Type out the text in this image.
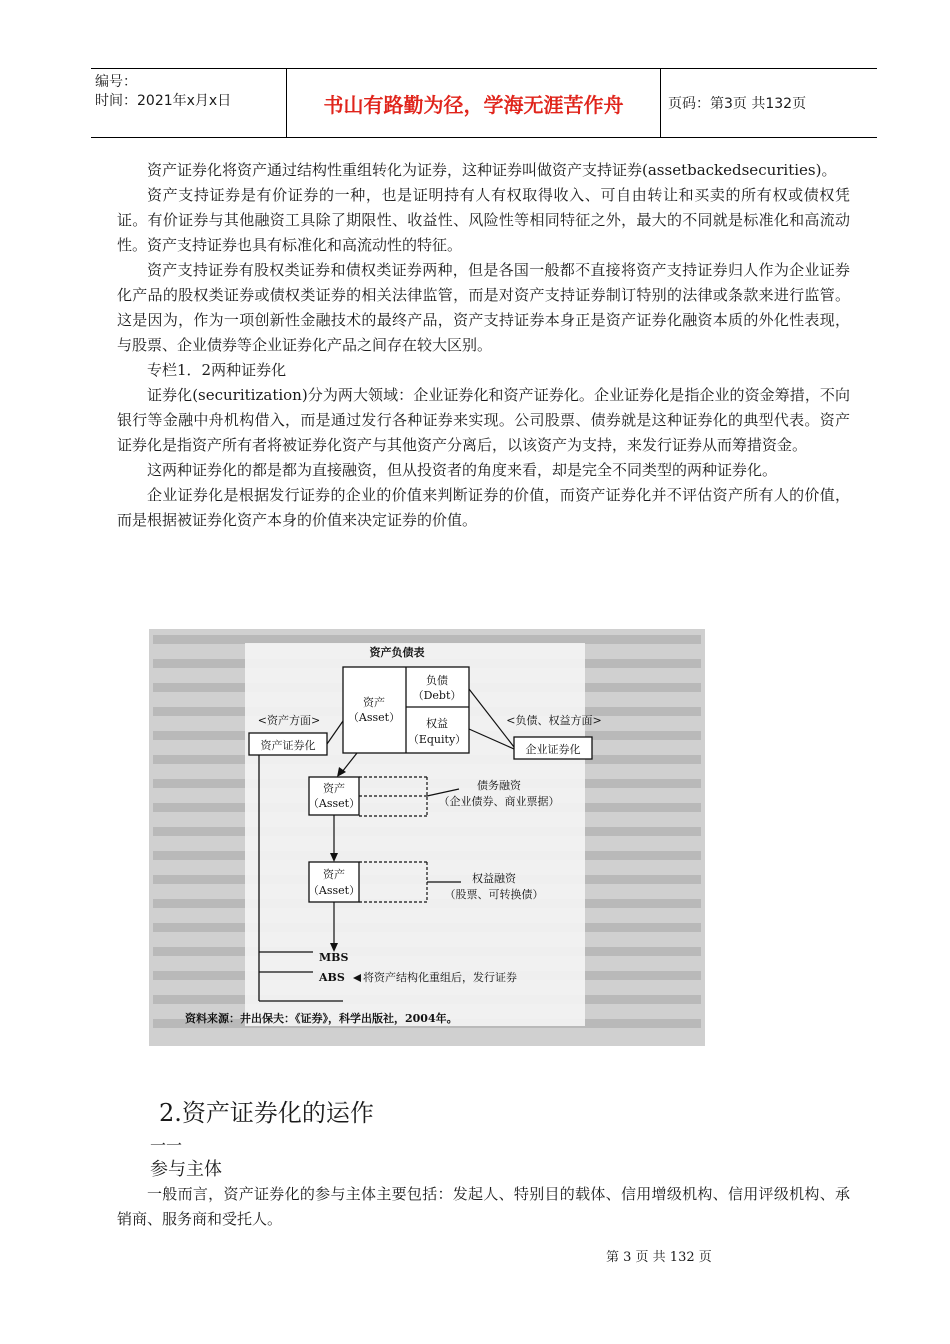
编号：
时间：2021年x月x日	书山有路勤为径，学海无涯苦作舟	页码：第3页 共132页

资产证券化将资产通过结构性重组转化为证券，这种证券叫做资产支持证券(assetbackedsecurities)。

资产支持证券是有价证券的一种，也是证明持有人有权取得收入、可自由转让和买卖的所有权或债权凭证。有价证券与其他融资工具除了期限性、收益性、风险性等相同特征之外，最大的不同就是标准化和高流动性。资产支持证券也具有标准化和高流动性的特征。

资产支持证券有股权类证券和债权类证券两种，但是各国一般都不直接将资产支持证券归人作为企业证券化产品的股权类证券或债权类证券的相关法律监管，而是对资产支持证券制订特别的法律或条款来进行监管。这是因为，作为一项创新性金融技术的最终产品，资产支持证券本身正是资产证券化融资本质的外化性表现，与股票、企业债券等企业证券化产品之间存在较大区别。

专栏1．2两种证券化

证券化(securitization)分为两大领域：企业证券化和资产证券化。企业证券化是指企业的资金筹措，不向银行等金融中舟机构借入，而是通过发行各种证券来实现。公司股票、债券就是这种证券化的典型代表。资产证券化是指资产所有者将被证券化资产与其他资产分离后，以该资产为支持，来发行证券从而筹措资金。

这两种证券化的都是都为直接融资，但从投资者的角度来看，却是完全不同类型的两种证券化。

企业证券化是根据发行证券的企业的价值来判断证券的价值，而资产证券化并不评估资产所有人的价值，而是根据被证券化资产本身的价值来决定证券的价值。

资产负债表
资产
（Asset）
负债
（Debt）
权益
（Equity）
<资产方面>
资产证券化
<负债、权益方面>
企业证券化
资产
（Asset）
债务融资
（企业债券、商业票据）
资产
（Asset）
权益融资
（股票、可转换债）
MBS
ABS 将资产结构化重组后，发行证券
资料来源：井出保夫：《证券》，科学出版社，2004年。
2.资产证券化的运作
一一
参与主体

一般而言，资产证券化的参与主体主要包括：发起人、特别目的载体、信用增级机构、信用评级机构、承销商、服务商和受托人。

第 3 页 共 132 页
